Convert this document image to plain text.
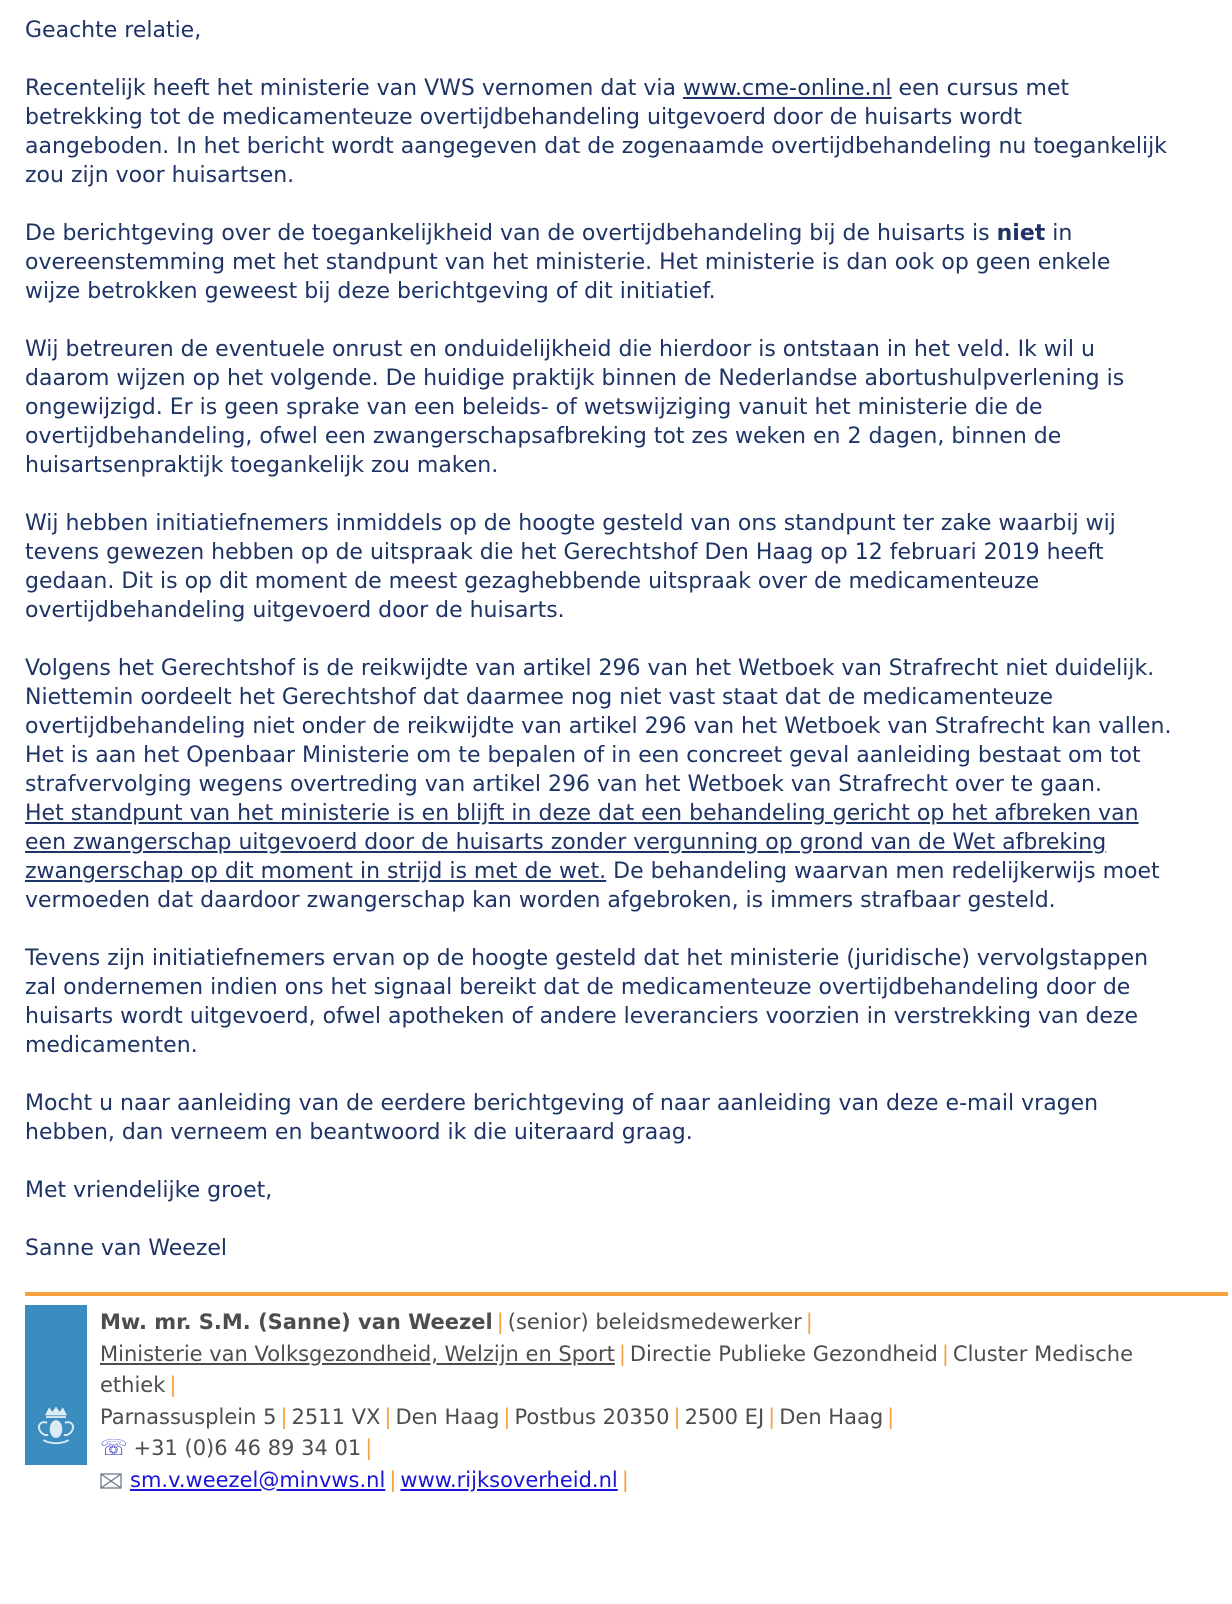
Geachte relatie,

Recentelijk heeft het ministerie van VWS vernomen dat via www.cme-online.nl een cursus met betrekking tot de medicamenteuze overtijdbehandeling uitgevoerd door de huisarts wordt aangeboden. In het bericht wordt aangegeven dat de zogenaamde overtijdbehandeling nu toegankelijk zou zijn voor huisartsen.

De berichtgeving over de toegankelijkheid van de overtijdbehandeling bij de huisarts is niet in overeenstemming met het standpunt van het ministerie. Het ministerie is dan ook op geen enkele wijze betrokken geweest bij deze berichtgeving of dit initiatief.

Wij betreuren de eventuele onrust en onduidelijkheid die hierdoor is ontstaan in het veld. Ik wil u daarom wijzen op het volgende. De huidige praktijk binnen de Nederlandse abortushulpverlening is ongewijzigd. Er is geen sprake van een beleids- of wetswijziging vanuit het ministerie die de overtijdbehandeling, ofwel een zwangerschapsafbreking tot zes weken en 2 dagen, binnen de huisartsenpraktijk toegankelijk zou maken.

Wij hebben initiatiefnemers inmiddels op de hoogte gesteld van ons standpunt ter zake waarbij wij tevens gewezen hebben op de uitspraak die het Gerechtshof Den Haag op 12 februari 2019 heeft gedaan. Dit is op dit moment de meest gezaghebbende uitspraak over de medicamenteuze overtijdbehandeling uitgevoerd door de huisarts.

Volgens het Gerechtshof is de reikwijdte van artikel 296 van het Wetboek van Strafrecht niet duidelijk. Niettemin oordeelt het Gerechtshof dat daarmee nog niet vast staat dat de medicamenteuze overtijdbehandeling niet onder de reikwijdte van artikel 296 van het Wetboek van Strafrecht kan vallen. Het is aan het Openbaar Ministerie om te bepalen of in een concreet geval aanleiding bestaat om tot strafvervolging wegens overtreding van artikel 296 van het Wetboek van Strafrecht over te gaan.
Het standpunt van het ministerie is en blijft in deze dat een behandeling gericht op het afbreken van een zwangerschap uitgevoerd door de huisarts zonder vergunning op grond van de Wet afbreking zwangerschap op dit moment in strijd is met de wet. De behandeling waarvan men redelijkerwijs moet vermoeden dat daardoor zwangerschap kan worden afgebroken, is immers strafbaar gesteld.

Tevens zijn initiatiefnemers ervan op de hoogte gesteld dat het ministerie (juridische) vervolgstappen zal ondernemen indien ons het signaal bereikt dat de medicamenteuze overtijdbehandeling door de huisarts wordt uitgevoerd, ofwel apotheken of andere leveranciers voorzien in verstrekking van deze medicamenten.

Mocht u naar aanleiding van de eerdere berichtgeving of naar aanleiding van deze e-mail vragen hebben, dan verneem en beantwoord ik die uiteraard graag.

Met vriendelijke groet,

Sanne van Weezel

Mw. mr. S.M. (Sanne) van Weezel | (senior) beleidsmedewerker |
Ministerie van Volksgezondheid, Welzijn en Sport | Directie Publieke Gezondheid | Cluster Medische
ethiek |
Parnassusplein 5 | 2511 VX | Den Haag | Postbus 20350 | 2500 EJ | Den Haag |
☏ +31 (0)6 46 89 34 01 |
sm.v.weezel@minvws.nl | www.rijksoverheid.nl |
